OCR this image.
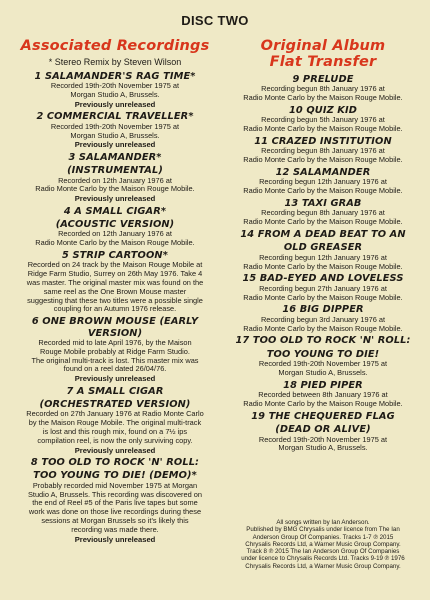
DISC TWO
Associated Recordings
* Stereo Remix by Steven Wilson
1 SALAMANDER'S RAG TIME*
Recorded 19th-20th November 1975 at
Morgan Studio A, Brussels.
Previously unreleased
2 COMMERCIAL TRAVELLER*
Recorded 19th-20th November 1975 at
Morgan Studio A, Brussels.
Previously unreleased
3 SALAMANDER*
(INSTRUMENTAL)
Recorded on 12th January 1976 at
Radio Monte Carlo by the Maison Rouge Mobile.
Previously unreleased
4 A SMALL CIGAR*
(ACOUSTIC VERSION)
Recorded on 12th January 1976 at
Radio Monte Carlo by the Maison Rouge Mobile.
5 STRIP CARTOON*
Recorded on 24 track by the Maison Rouge Mobile at
Ridge Farm Studio, Surrey on 26th May 1976. Take 4
was master. The original master mix was found on the
same reel as the One Brown Mouse master
suggesting that these two titles were a possible single
coupling for an Autumn 1976 release.
6 ONE BROWN MOUSE (EARLY VERSION)
Recorded mid to late April 1976, by the Maison
Rouge Mobile probably at Ridge Farm Studio.
The original multi-track is lost. This master mix was
found on a reel dated 26/04/76.
Previously unreleased
7 A SMALL CIGAR
(ORCHESTRATED VERSION)
Recorded on 27th January 1976 at Radio Monte Carlo
by the Maison Rouge Mobile. The original multi-track
is lost and this rough mix, found on a 7½ ips
compilation reel, is now the only surviving copy.
Previously unreleased
8 TOO OLD TO ROCK 'N' ROLL:
TOO YOUNG TO DIE! (DEMO)*
Probably recorded mid November 1975 at Morgan
Studio A, Brussels. This recording was discovered on
the end of Reel #5 of the Paris live tapes but some
work was done on those live recordings during these
sessions at Morgan Brussels so it's likely this
recording was made there.
Previously unreleased
Original Album
Flat Transfer
9 PRELUDE
Recording begun 8th January 1976 at
Radio Monte Carlo by the Maison Rouge Mobile.
10 QUIZ KID
Recording begun 5th January 1976 at
Radio Monte Carlo by the Maison Rouge Mobile.
11 CRAZED INSTITUTION
Recording begun 8th January 1976 at
Radio Monte Carlo by the Maison Rouge Mobile.
12 SALAMANDER
Recording begun 12th January 1976 at
Radio Monte Carlo by the Maison Rouge Mobile.
13 TAXI GRAB
Recording begun 8th January 1976 at
Radio Monte Carlo by the Maison Rouge Mobile.
14 FROM A DEAD BEAT TO AN
OLD GREASER
Recording begun 12th January 1976 at
Radio Monte Carlo by the Maison Rouge Mobile.
15 BAD-EYED AND LOVELESS
Recording begun 27th January 1976 at
Radio Monte Carlo by the Maison Rouge Mobile.
16 BIG DIPPER
Recording begun 3rd January 1976 at
Radio Monte Carlo by the Maison Rouge Mobile.
17 TOO OLD TO ROCK 'N' ROLL:
TOO YOUNG TO DIE!
Recorded 19th-20th November 1975 at
Morgan Studio A, Brussels.
18 PIED PIPER
Recorded between 8th January 1976 at
Radio Monte Carlo by the Maison Rouge Mobile.
19 THE CHEQUERED FLAG
(DEAD OR ALIVE)
Recorded 19th-20th November 1975 at
Morgan Studio A, Brussels.
All songs written by Ian Anderson.
Published by BMG Chrysalis under licence from The Ian
Anderson Group Of Companies. Tracks 1-7 ℗ 2015
Chrysalis Records Ltd, a Warner Music Group Company.
Track 8 ℗ 2015 The Ian Anderson Group Of Companies
under licence to Chrysalis Records Ltd. Tracks 9-19 ℗ 1976
Chrysalis Records Ltd, a Warner Music Group Company.
